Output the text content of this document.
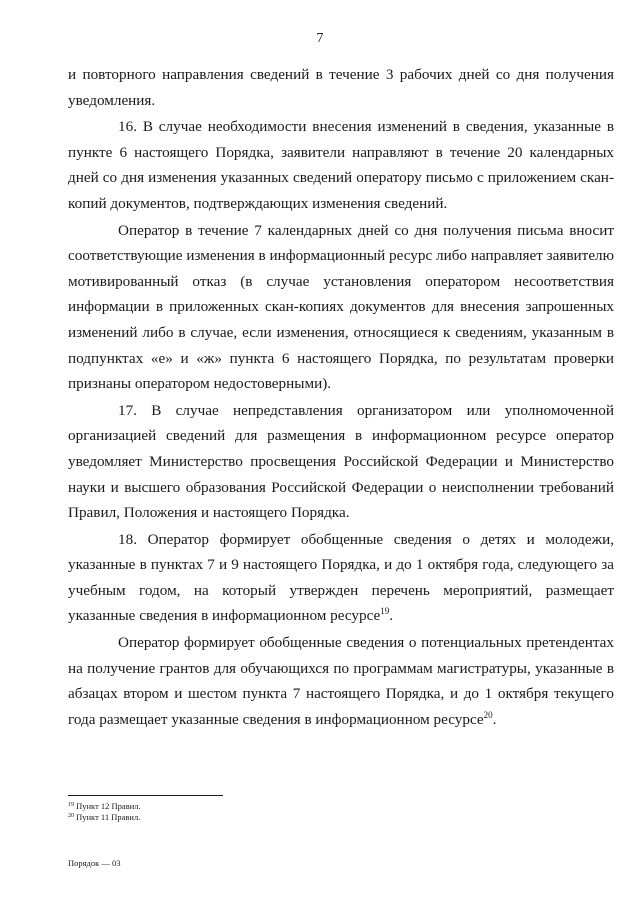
7

и повторного направления сведений в течение 3 рабочих дней со дня получения уведомления.

16. В случае необходимости внесения изменений в сведения, указанные в пункте 6 настоящего Порядка, заявители направляют в течение 20 календарных дней со дня изменения указанных сведений оператору письмо с приложением скан-копий документов, подтверждающих изменения сведений.

Оператор в течение 7 календарных дней со дня получения письма вносит соответствующие изменения в информационный ресурс либо направляет заявителю мотивированный отказ (в случае установления оператором несоответствия информации в приложенных скан-копиях документов для внесения запрошенных изменений либо в случае, если изменения, относящиеся к сведениям, указанным в подпунктах «е» и «ж» пункта 6 настоящего Порядка, по результатам проверки признаны оператором недостоверными).

17. В случае непредставления организатором или уполномоченной организацией сведений для размещения в информационном ресурсе оператор уведомляет Министерство просвещения Российской Федерации и Министерство науки и высшего образования Российской Федерации о неисполнении требований Правил, Положения и настоящего Порядка.

18. Оператор формирует обобщенные сведения о детях и молодежи, указанные в пунктах 7 и 9 настоящего Порядка, и до 1 октября года, следующего за учебным годом, на который утвержден перечень мероприятий, размещает указанные сведения в информационном ресурсе$^{19}$.

Оператор формирует обобщенные сведения о потенциальных претендентах на получение грантов для обучающихся по программам магистратуры, указанные в абзацах втором и шестом пункта 7 настоящего Порядка, и до 1 октября текущего года размещает указанные сведения в информационном ресурсе$^{20}$.

$^{19}$ Пункт 12 Правил.
$^{20}$ Пункт 11 Правил.
Порядок — 03
